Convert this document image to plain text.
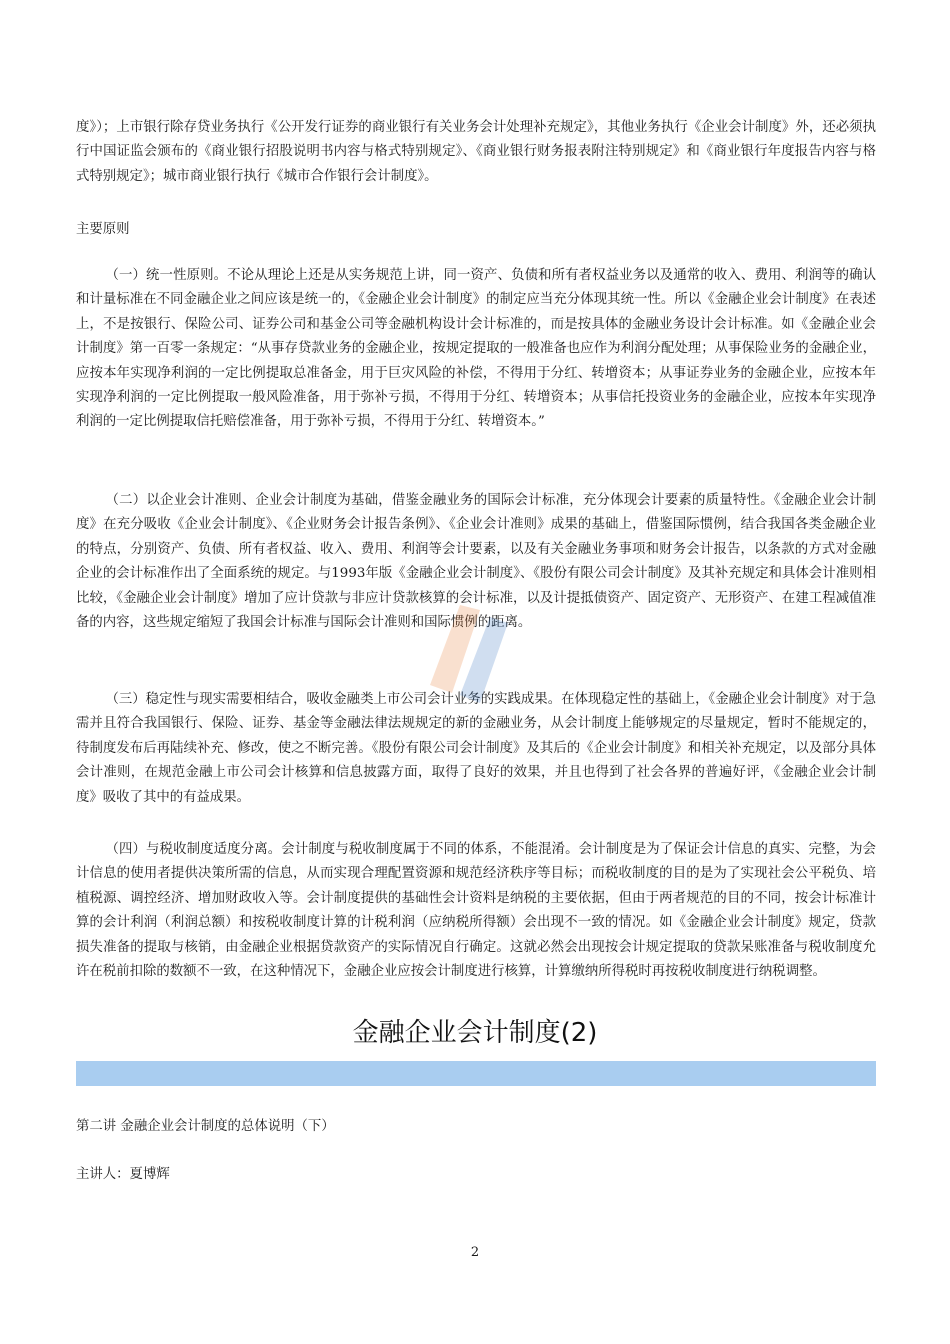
度》）；上市银行除存贷业务执行《公开发行证券的商业银行有关业务会计处理补充规定》，其他业务执行《企业会计制度》外，还必须执行中国证监会颁布的《商业银行招股说明书内容与格式特别规定》、《商业银行财务报表附注特别规定》和《商业银行年度报告内容与格式特别规定》；城市商业银行执行《城市合作银行会计制度》。

主要原则

（一）统一性原则。不论从理论上还是从实务规范上讲，同一资产、负债和所有者权益业务以及通常的收入、费用、利润等的确认和计量标准在不同金融企业之间应该是统一的，《金融企业会计制度》的制定应当充分体现其统一性。所以《金融企业会计制度》在表述上，不是按银行、保险公司、证券公司和基金公司等金融机构设计会计标准的，而是按具体的金融业务设计会计标准。如《金融企业会计制度》第一百零一条规定：“从事存贷款业务的金融企业，按规定提取的一般准备也应作为利润分配处理；从事保险业务的金融企业，应按本年实现净利润的一定比例提取总准备金，用于巨灾风险的补偿，不得用于分红、转增资本；从事证券业务的金融企业，应按本年实现净利润的一定比例提取一般风险准备，用于弥补亏损，不得用于分红、转增资本；从事信托投资业务的金融企业，应按本年实现净利润的一定比例提取信托赔偿准备，用于弥补亏损，不得用于分红、转增资本。”

（二）以企业会计准则、企业会计制度为基础，借鉴金融业务的国际会计标准，充分体现会计要素的质量特性。《金融企业会计制度》在充分吸收《企业会计制度》、《企业财务会计报告条例》、《企业会计准则》成果的基础上，借鉴国际惯例，结合我国各类金融企业的特点，分别资产、负债、所有者权益、收入、费用、利润等会计要素，以及有关金融业务事项和财务会计报告，以条款的方式对金融企业的会计标准作出了全面系统的规定。与1993年版《金融企业会计制度》、《股份有限公司会计制度》及其补充规定和具体会计准则相比较，《金融企业会计制度》增加了应计贷款与非应计贷款核算的会计标准，以及计提抵债资产、固定资产、无形资产、在建工程减值准备的内容，这些规定缩短了我国会计标准与国际会计准则和国际惯例的距离。

（三）稳定性与现实需要相结合，吸收金融类上市公司会计业务的实践成果。在体现稳定性的基础上，《金融企业会计制度》对于急需并且符合我国银行、保险、证券、基金等金融法律法规规定的新的金融业务，从会计制度上能够规定的尽量规定，暂时不能规定的，待制度发布后再陆续补充、修改，使之不断完善。《股份有限公司会计制度》及其后的《企业会计制度》和相关补充规定，以及部分具体会计准则，在规范金融上市公司会计核算和信息披露方面，取得了良好的效果，并且也得到了社会各界的普遍好评，《金融企业会计制度》吸收了其中的有益成果。

（四）与税收制度适度分离。会计制度与税收制度属于不同的体系，不能混淆。会计制度是为了保证会计信息的真实、完整，为会计信息的使用者提供决策所需的信息，从而实现合理配置资源和规范经济秩序等目标；而税收制度的目的是为了实现社会公平税负、培植税源、调控经济、增加财政收入等。会计制度提供的基础性会计资料是纳税的主要依据，但由于两者规范的目的不同，按会计标准计算的会计利润（利润总额）和按税收制度计算的计税利润（应纳税所得额）会出现不一致的情况。如《金融企业会计制度》规定，贷款损失准备的提取与核销，由金融企业根据贷款资产的实际情况自行确定。这就必然会出现按会计规定提取的贷款呆账准备与税收制度允许在税前扣除的数额不一致，在这种情况下，金融企业应按会计制度进行核算，计算缴纳所得税时再按税收制度进行纳税调整。

金融企业会计制度(2)

第二讲 金融企业会计制度的总体说明（下）

主讲人：夏博辉

2
